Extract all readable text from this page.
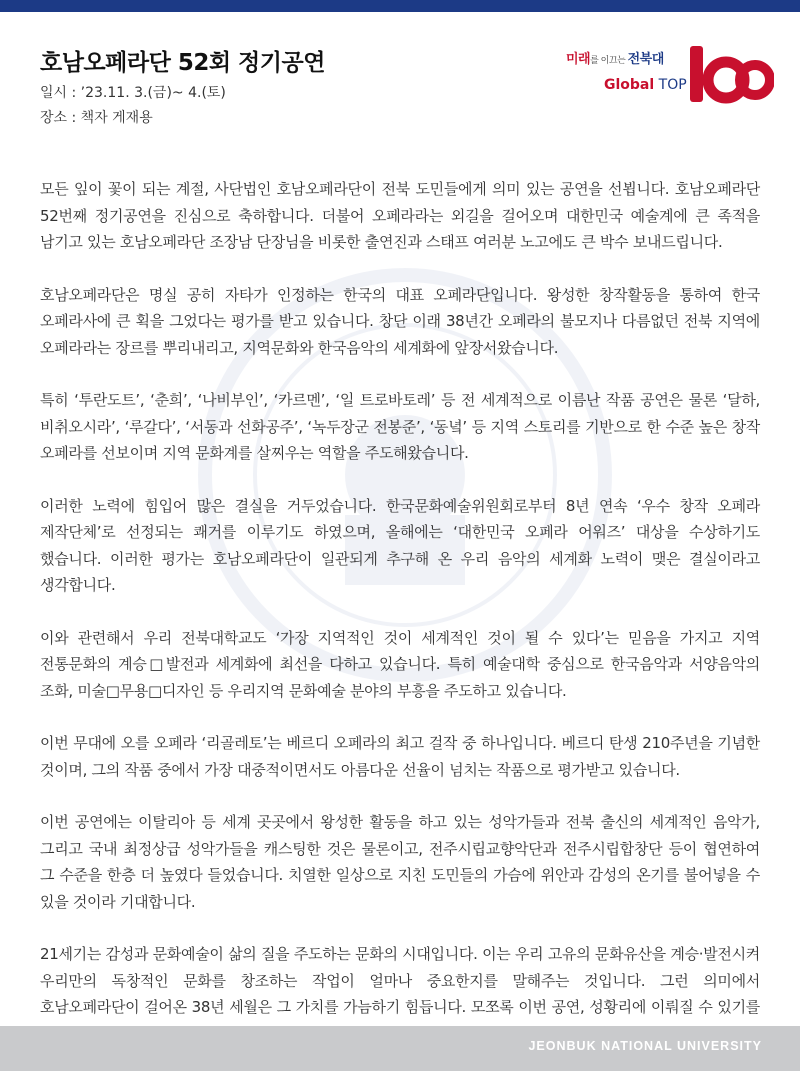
호남오페라단 52회 정기공연
일시 : ’23.11. 3.(금)~ 4.(토)
장소 : 책자 게재용
미래를 이끄는 전북대
Global TOP

모든 잎이 꽃이 되는 계절, 사단법인 호남오페라단이 전북 도민들에게 의미 있는 공연을 선뵙니다. 호남오페라단 52번째 정기공연을 진심으로 축하합니다. 더불어 오페라라는 외길을 걸어오며 대한민국 예술계에 큰 족적을 남기고 있는 호남오페라단 조장남 단장님을 비롯한 출연진과 스태프 여러분 노고에도 큰 박수 보내드립니다.

호남오페라단은 명실 공히 자타가 인정하는 한국의 대표 오페라단입니다. 왕성한 창작활동을 통하여 한국 오페라사에 큰 획을 그었다는 평가를 받고 있습니다. 창단 이래 38년간 오페라의 불모지나 다름없던 전북 지역에 오페라라는 장르를 뿌리내리고, 지역문화와 한국음악의 세계화에 앞장서왔습니다.

특히 ‘투란도트’, ‘춘희’, ‘나비부인’, ‘카르멘’, ‘일 트로바토레’ 등 전 세계적으로 이름난 작품 공연은 물론 ‘달하, 비취오시라’, ‘루갈다’, ‘서동과 선화공주’, ‘녹두장군 전봉준’, ‘동녘’ 등 지역 스토리를 기반으로 한 수준 높은 창작 오페라를 선보이며 지역 문화계를 살찌우는 역할을 주도해왔습니다.

이러한 노력에 힘입어 많은 결실을 거두었습니다. 한국문화예술위원회로부터 8년 연속 ‘우수 창작 오페라 제작단체’로 선정되는 쾌거를 이루기도 하였으며, 올해에는 ‘대한민국 오페라 어워즈’ 대상을 수상하기도 했습니다. 이러한 평가는 호남오페라단이 일관되게 추구해 온 우리 음악의 세계화 노력이 맺은 결실이라고 생각합니다.

이와 관련해서 우리 전북대학교도 ‘가장 지역적인 것이 세계적인 것이 될 수 있다’는 믿음을 가지고 지역 전통문화의 계승□발전과 세계화에 최선을 다하고 있습니다. 특히 예술대학 중심으로 한국음악과 서양음악의 조화, 미술□무용□디자인 등 우리지역 문화예술 분야의 부흥을 주도하고 있습니다.

이번 무대에 오를 오페라 ‘리골레토’는 베르디 오페라의 최고 걸작 중 하나입니다. 베르디 탄생 210주년을 기념한 것이며, 그의 작품 중에서 가장 대중적이면서도 아름다운 선율이 넘치는 작품으로 평가받고 있습니다.

이번 공연에는 이탈리아 등 세계 곳곳에서 왕성한 활동을 하고 있는 성악가들과 전북 출신의 세계적인 음악가, 그리고 국내 최정상급 성악가들을 캐스팅한 것은 물론이고, 전주시립교향악단과 전주시립합창단 등이 협연하여 그 수준을 한층 더 높였다 들었습니다. 치열한 일상으로 지친 도민들의 가슴에 위안과 감성의 온기를 불어넣을 수 있을 것이라 기대합니다.

21세기는 감성과 문화예술이 삶의 질을 주도하는 문화의 시대입니다. 이는 우리 고유의 문화유산을 계승·발전시켜 우리만의 독창적인 문화를 창조하는 작업이 얼마나 중요한지를 말해주는 것입니다. 그런 의미에서 호남오페라단이 걸어온 38년 세월은 그 가치를 가늠하기 힘듭니다. 모쪼록 이번 공연, 성황리에 이뤄질 수 있기를

JEONBUK NATIONAL UNIVERSITY
